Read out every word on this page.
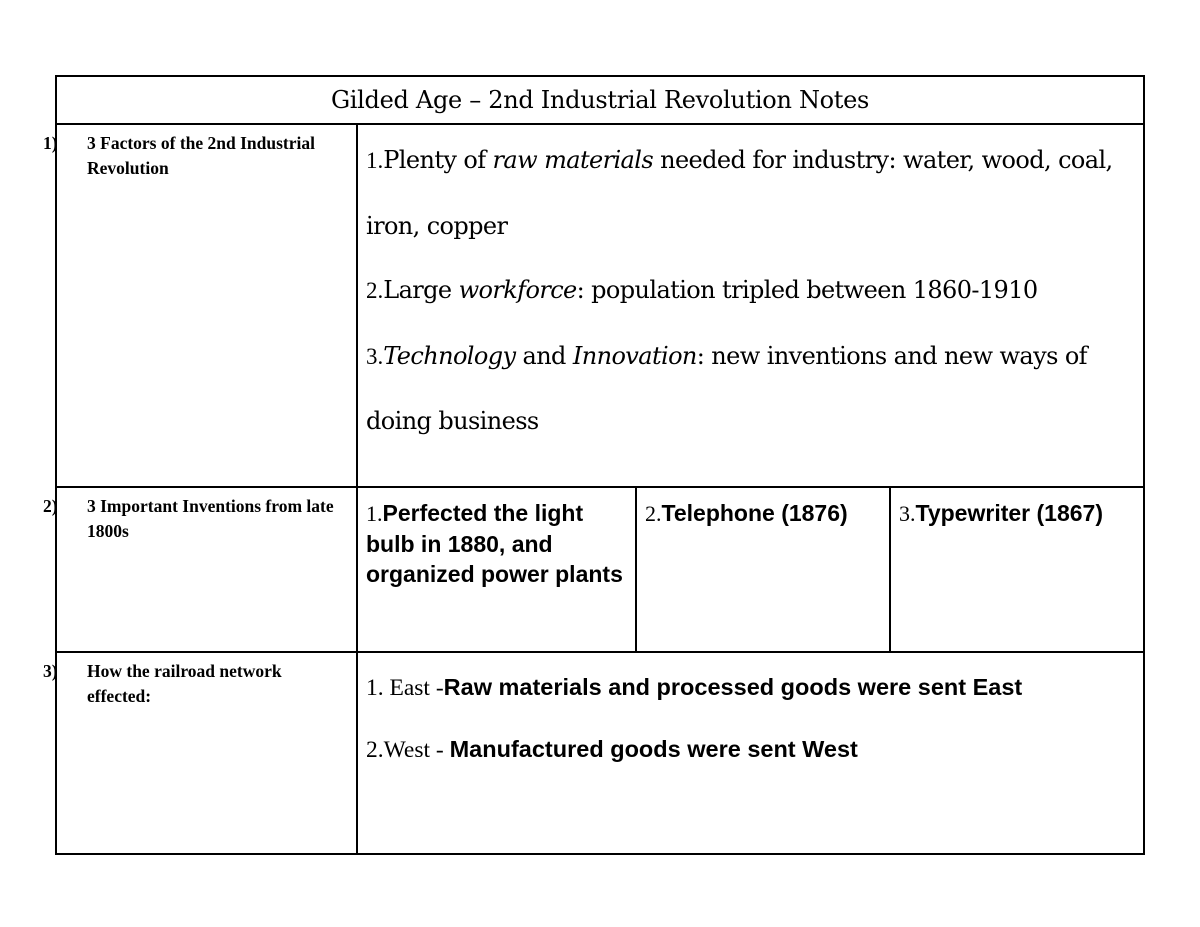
Gilded Age – 2nd Industrial Revolution Notes			

1) 3 Factors of the 2nd Industrial Revolution	1.Plenty of raw materials needed for industry: water, wood, coal, iron, copper

2.Large workforce: population tripled between 1860-1910

3.Technology and Innovation: new inventions and new ways of doing business		

2) 3 Important Inventions from late 1800s	1.Perfected the light bulb in 1880, and organized power plants	2.Telephone (1876)	3.Typewriter (1867)

3) How the railroad network effected:	1. East -Raw materials and processed goods were sent East

2.West - Manufactured goods were sent West		
